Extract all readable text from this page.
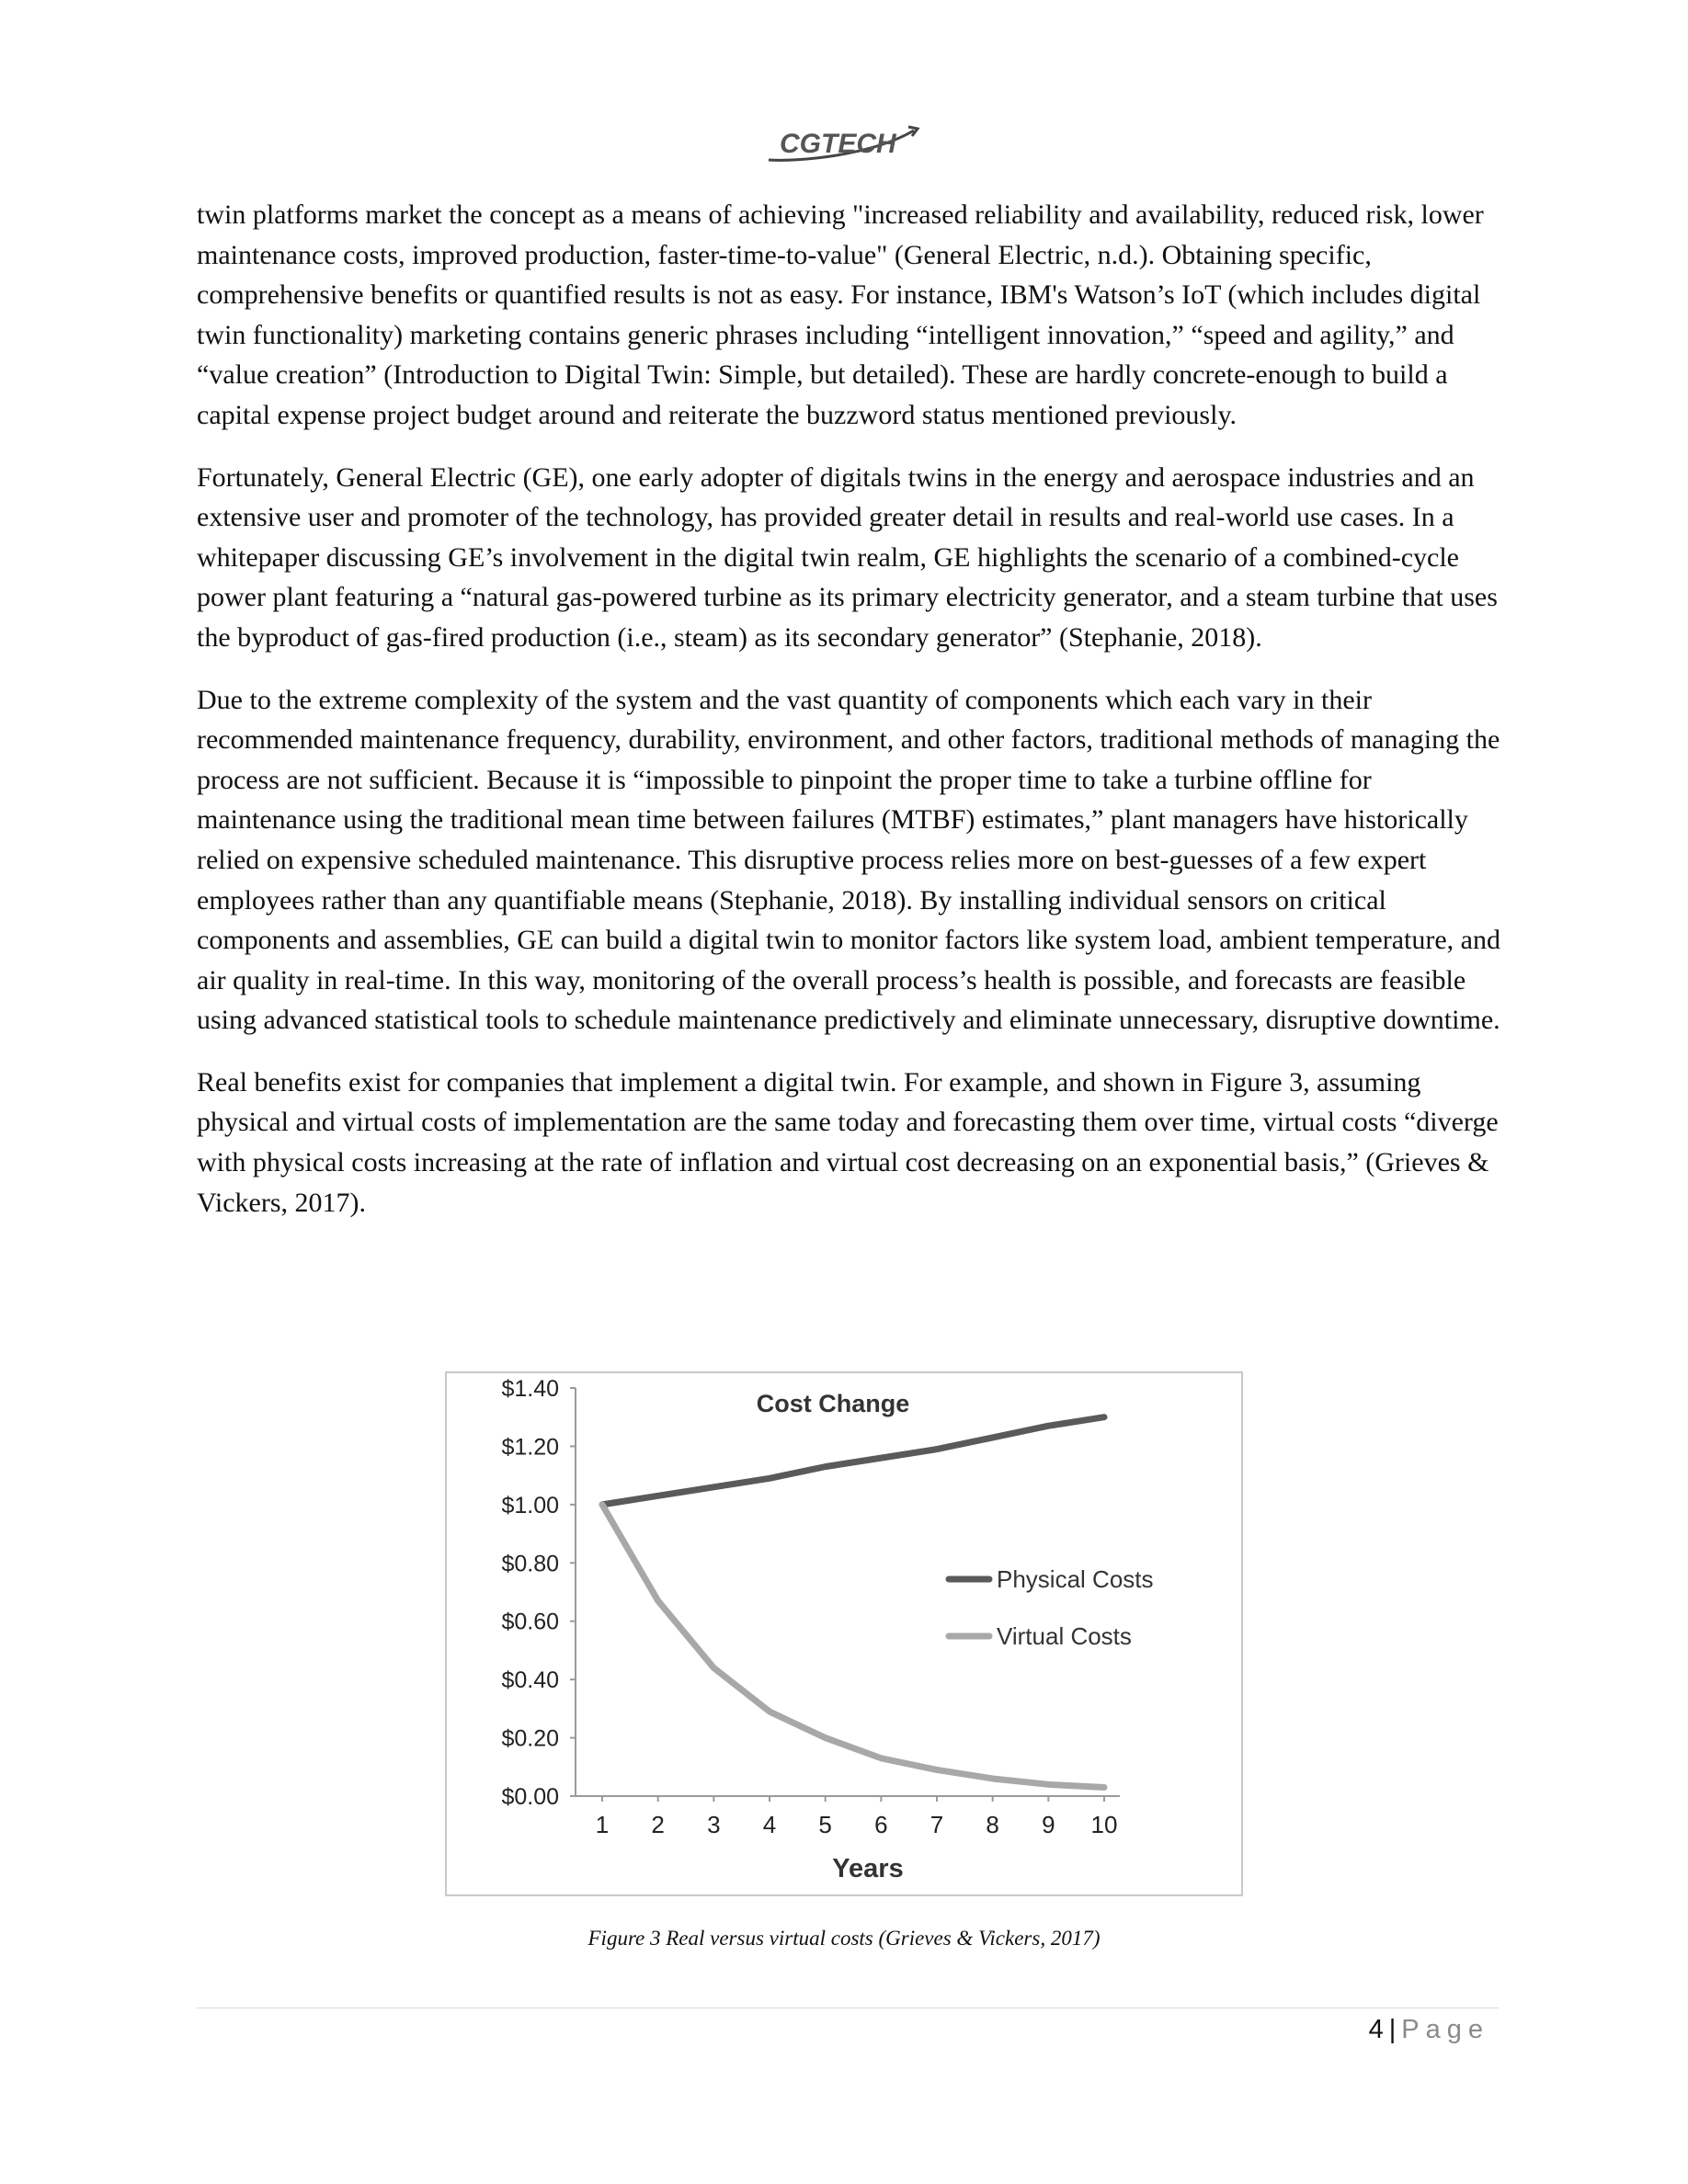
CGTECH

twin platforms market the concept as a means of achieving "increased reliability and availability, reduced risk, lower maintenance costs, improved production, faster-time-to-value" (General Electric, n.d.). Obtaining specific, comprehensive benefits or quantified results is not as easy. For instance, IBM's Watson’s IoT (which includes digital twin functionality) marketing contains generic phrases including “intelligent innovation,” “speed and agility,” and “value creation” (Introduction to Digital Twin: Simple, but detailed). These are hardly concrete-enough to build a capital expense project budget around and reiterate the buzzword status mentioned previously.

Fortunately, General Electric (GE), one early adopter of digitals twins in the energy and aerospace industries and an extensive user and promoter of the technology, has provided greater detail in results and real-world use cases. In a whitepaper discussing GE’s involvement in the digital twin realm, GE highlights the scenario of a combined-cycle power plant featuring a “natural gas-powered turbine as its primary electricity generator, and a steam turbine that uses the byproduct of gas-fired production (i.e., steam) as its secondary generator” (Stephanie, 2018).

Due to the extreme complexity of the system and the vast quantity of components which each vary in their recommended maintenance frequency, durability, environment, and other factors, traditional methods of managing the process are not sufficient. Because it is “impossible to pinpoint the proper time to take a turbine offline for maintenance using the traditional mean time between failures (MTBF) estimates,” plant managers have historically relied on expensive scheduled maintenance. This disruptive process relies more on best-guesses of a few expert employees rather than any quantifiable means (Stephanie, 2018). By installing individual sensors on critical components and assemblies, GE can build a digital twin to monitor factors like system load, ambient temperature, and air quality in real-time. In this way, monitoring of the overall process’s health is possible, and forecasts are feasible using advanced statistical tools to schedule maintenance predictively and eliminate unnecessary, disruptive downtime.

Real benefits exist for companies that implement a digital twin. For example, and shown in Figure 3, assuming physical and virtual costs of implementation are the same today and forecasting them over time, virtual costs “diverge with physical costs increasing at the rate of inflation and virtual cost decreasing on an exponential basis,” (Grieves & Vickers, 2017).

Cost Change
Years
$0.00
$0.20
$0.40
$0.60
$0.80
$1.00
$1.20
$1.40
1 2 3 4 5 6 7 8 9 10
Physical Costs
Virtual Costs
Figure 3 Real versus virtual costs (Grieves & Vickers, 2017)
4 | Page
